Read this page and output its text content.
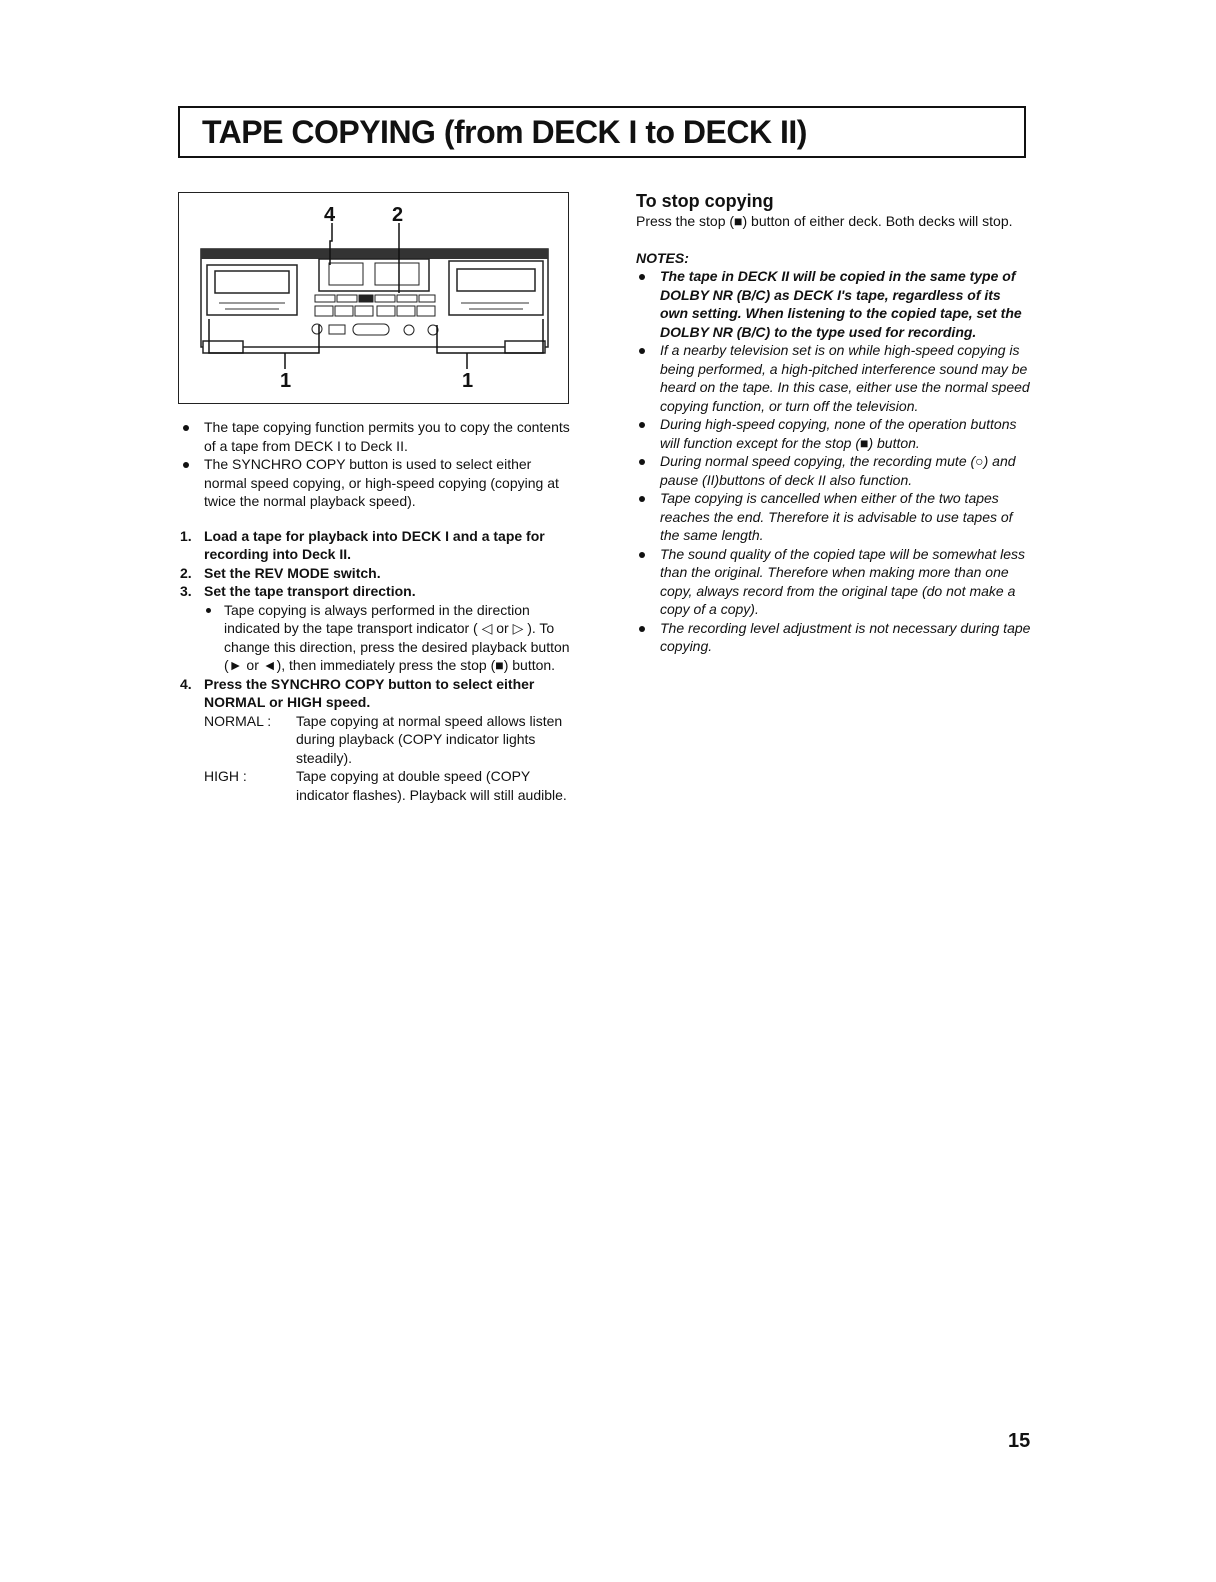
TAPE COPYING (from DECK I to DECK II)
4	2
1	1
The tape copying function permits you to copy the contents of a tape from DECK I to Deck II.
The SYNCHRO COPY button is used to select either normal speed copying, or high-speed copying (copying at twice the normal playback speed).
1. Load a tape for playback into DECK I and a tape for recording into Deck II.
2. Set the REV MODE switch.
3. Set the tape transport direction.
Tape copying is always performed in the direction indicated by the tape transport indicator ( ◁ or ▷ ). To change this direction, press the desired playback button (► or ◄), then immediately press the stop (■) button.
4. Press the SYNCHRO COPY button to select either NORMAL or HIGH speed.
NORMAL :	Tape copying at normal speed allows listen during playback (COPY indicator lights steadily).
HIGH :	Tape copying at double speed (COPY indicator flashes). Playback will still audible.
To stop copying

Press the stop (■) button of either deck. Both decks will stop.

NOTES:
The tape in DECK II will be copied in the same type of DOLBY NR (B/C) as DECK I's tape, regardless of its own setting. When listening to the copied tape, set the DOLBY NR (B/C) to the type used for recording.
If a nearby television set is on while high-speed copying is being performed, a high-pitched interference sound may be heard on the tape. In this case, either use the normal speed copying function, or turn off the television.
During high-speed copying, none of the operation buttons will function except for the stop (■) button.
During normal speed copying, the recording mute (○) and pause (II)buttons of deck II also function.
Tape copying is cancelled when either of the two tapes reaches the end. Therefore it is advisable to use tapes of the same length.
The sound quality of the copied tape will be somewhat less than the original. Therefore when making more than one copy, always record from the original tape (do not make a copy of a copy).
The recording level adjustment is not necessary during tape copying.
15
